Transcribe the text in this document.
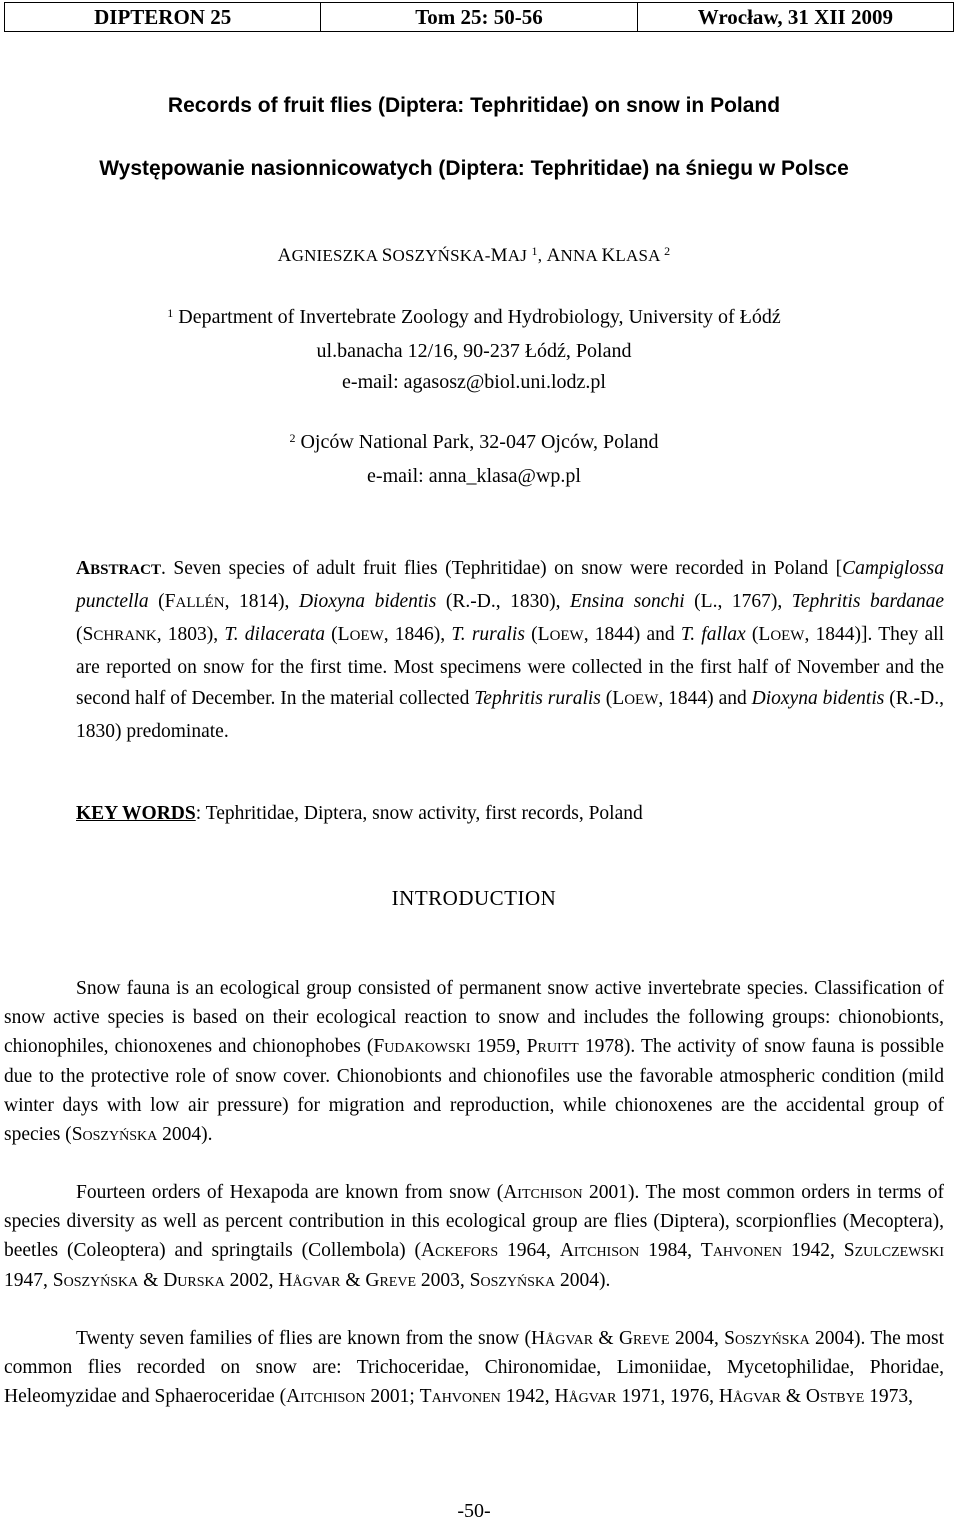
DIPTERON 25	Tom 25: 50-56	Wrocław, 31 XII 2009
Records of fruit flies (Diptera: Tephritidae) on snow in Poland
Występowanie nasionnicowatych (Diptera: Tephritidae) na śniegu w Polsce
AGNIESZKA SOSZYŃSKA-MAJ $^1$, ANNA KLASA $^2$
$^1$ Department of Invertebrate Zoology and Hydrobiology, University of Łódź
ul.banacha 12/16, 90-237 Łódź, Poland
e-mail: agasosz@biol.uni.lodz.pl
$^2$ Ojców National Park, 32-047 Ojców, Poland
e-mail: anna_klasa@wp.pl
ABSTRACT. Seven species of adult fruit flies (Tephritidae) on snow were recorded in Poland [Campiglossa punctella (FALLÉN, 1814), Dioxyna bidentis (R.-D., 1830), Ensina sonchi (L., 1767), Tephritis bardanae (SCHRANK, 1803), T. dilacerata (LOEW, 1846), T. ruralis (LOEW, 1844) and T. fallax (LOEW, 1844)]. They all are reported on snow for the first time. Most specimens were collected in the first half of November and the second half of December. In the material collected Tephritis ruralis (LOEW, 1844) and Dioxyna bidentis (R.-D., 1830) predominate.
KEY WORDS: Tephritidae, Diptera, snow activity, first records, Poland
INTRODUCTION

Snow fauna is an ecological group consisted of permanent snow active invertebrate species. Classification of snow active species is based on their ecological reaction to snow and includes the following groups: chionobionts, chionophiles, chionoxenes and chionophobes (Fudakowski 1959, Pruitt 1978). The activity of snow fauna is possible due to the protective role of snow cover. Chionobionts and chionofiles use the favorable atmospheric condition (mild winter days with low air pressure) for migration and reproduction, while chionoxenes are the accidental group of species (Soszyńska 2004).

Fourteen orders of Hexapoda are known from snow (Aitchison 2001). The most common orders in terms of species diversity as well as percent contribution in this ecological group are flies (Diptera), scorpionflies (Mecoptera), beetles (Coleoptera) and springtails (Collembola) (Ackefors 1964, Aitchison 1984, Tahvonen 1942, Szulczewski 1947, Soszyńska & Durska 2002, Hågvar & Greve 2003, Soszyńska 2004).

Twenty seven families of flies are known from the snow (Hågvar & Greve 2004, Soszyńska 2004). The most common flies recorded on snow are: Trichoceridae, Chironomidae, Limoniidae, Mycetophilidae, Phoridae, Heleomyzidae and Sphaeroceridae (Aitchison 2001; Tahvonen 1942, Hågvar 1971, 1976, Hågvar & Ostbye 1973,

-50-
